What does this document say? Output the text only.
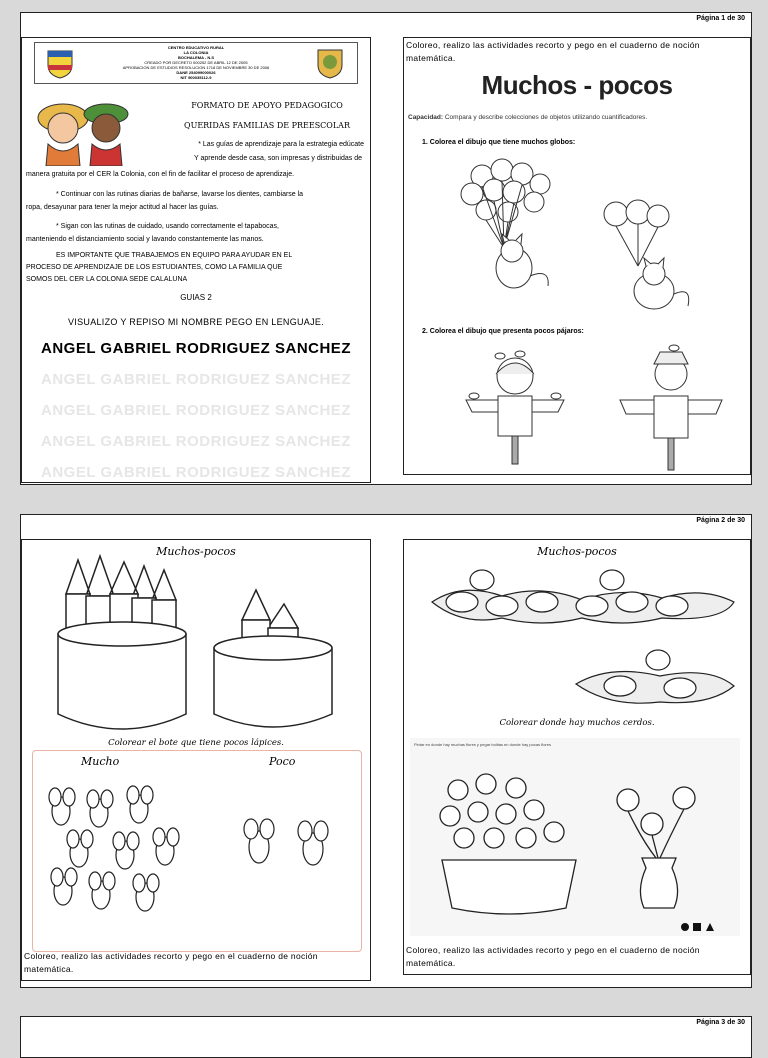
Página 1 de 30
CENTRO EDUCATIVO RURAL
LA COLONIA
BOCHALEMA - N.S
CREADO POR DECRETO 000252 DE ABRIL 12 DE 2005
APROBACION DE ESTUDIOS RESOLUCION 1718 DE NOVIEMBRE 30 DE 2006
DANE 254099000026
NIT 900035112-9
FORMATO DE APOYO PEDAGOGICO
QUERIDAS FAMILIAS DE PREESCOLAR
* Las guías de aprendizaje para la estrategia edúcate
Y aprende desde casa, son impresas y distribuidas de
manera gratuita por el CER la Colonia, con el fin de facilitar el proceso de aprendizaje.
* Continuar con las rutinas diarias de bañarse, lavarse los dientes, cambiarse la
ropa, desayunar para tener la mejor actitud al hacer las guías.
* Sigan con las rutinas de cuidado, usando correctamente el tapabocas,
manteniendo el distanciamiento social y lavando constantemente las manos.
ES IMPORTANTE QUE TRABAJEMOS EN EQUIPO PARA AYUDAR EN EL
PROCESO DE APRENDIZAJE DE LOS ESTUDIANTES, COMO LA FAMILIA QUE
SOMOS DEL CER LA COLONIA SEDE CALALUNA
GUIAS 2
VISUALIZO Y REPISO MI NOMBRE PEGO EN LENGUAJE.
ANGEL GABRIEL RODRIGUEZ SANCHEZ
ANGEL GABRIEL RODRIGUEZ SANCHEZ
ANGEL GABRIEL RODRIGUEZ SANCHEZ
ANGEL GABRIEL RODRIGUEZ SANCHEZ
ANGEL GABRIEL RODRIGUEZ SANCHEZ
Coloreo, realizo las actividades recorto y pego en el cuaderno de noción matemática.
Muchos - pocos
Capacidad: Compara y describe colecciones de objetos utilizando cuantificadores.
1. Colorea el dibujo que tiene muchos globos:
2. Colorea el dibujo que presenta pocos pájaros:
Página 2 de 30
Muchos-pocos
Colorear el bote que tiene pocos lápices.
Mucho	Poco
Coloreo, realizo las actividades recorto y pego en el cuaderno de noción matemática.
Muchos-pocos
Colorear donde hay muchos cerdos.
Pintar en donde hay muchas flores y pegar bolitas en donde hay pocas flores
Coloreo, realizo las actividades recorto y pego en el cuaderno de noción matemática.
Página 3 de 30
